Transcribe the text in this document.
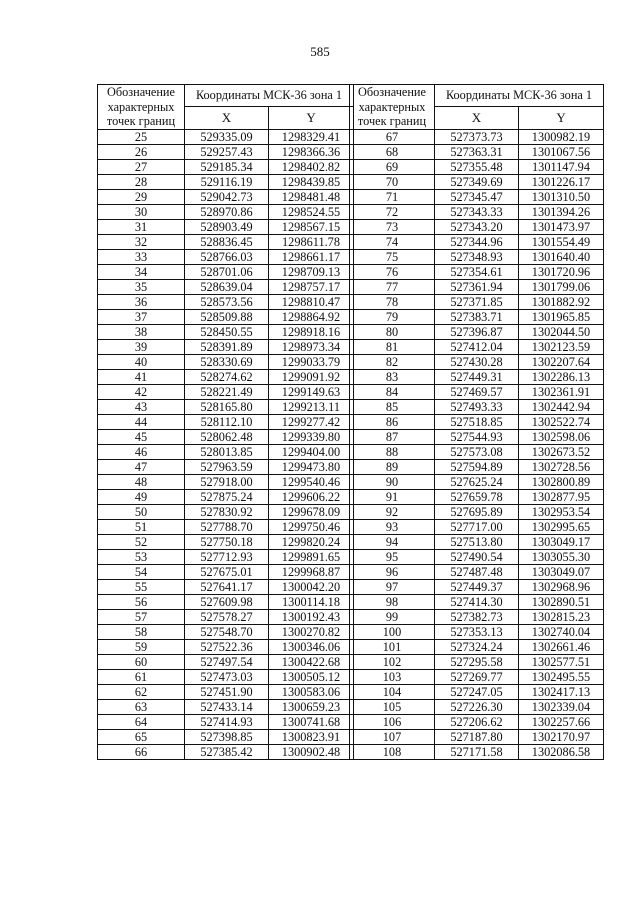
585
Обозначение характерных точек границ	Координаты МСК-36 зона 1	
	X	Y
25	529335.09	1298329.41
26	529257.43	1298366.36
27	529185.34	1298402.82
28	529116.19	1298439.85
29	529042.73	1298481.48
30	528970.86	1298524.55
31	528903.49	1298567.15
32	528836.45	1298611.78
33	528766.03	1298661.17
34	528701.06	1298709.13
35	528639.04	1298757.17
36	528573.56	1298810.47
37	528509.88	1298864.92
38	528450.55	1298918.16
39	528391.89	1298973.34
40	528330.69	1299033.79
41	528274.62	1299091.92
42	528221.49	1299149.63
43	528165.80	1299213.11
44	528112.10	1299277.42
45	528062.48	1299339.80
46	528013.85	1299404.00
47	527963.59	1299473.80
48	527918.00	1299540.46
49	527875.24	1299606.22
50	527830.92	1299678.09
51	527788.70	1299750.46
52	527750.18	1299820.24
53	527712.93	1299891.65
54	527675.01	1299968.87
55	527641.17	1300042.20
56	527609.98	1300114.18
57	527578.27	1300192.43
58	527548.70	1300270.82
59	527522.36	1300346.06
60	527497.54	1300422.68
61	527473.03	1300505.12
62	527451.90	1300583.06
63	527433.14	1300659.23
64	527414.93	1300741.68
65	527398.85	1300823.91
66	527385.42	1300902.48
Обозначение характерных точек границ	Координаты МСК-36 зона 1	
	X	Y
67	527373.73	1300982.19
68	527363.31	1301067.56
69	527355.48	1301147.94
70	527349.69	1301226.17
71	527345.47	1301310.50
72	527343.33	1301394.26
73	527343.20	1301473.97
74	527344.96	1301554.49
75	527348.93	1301640.40
76	527354.61	1301720.96
77	527361.94	1301799.06
78	527371.85	1301882.92
79	527383.71	1301965.85
80	527396.87	1302044.50
81	527412.04	1302123.59
82	527430.28	1302207.64
83	527449.31	1302286.13
84	527469.57	1302361.91
85	527493.33	1302442.94
86	527518.85	1302522.74
87	527544.93	1302598.06
88	527573.08	1302673.52
89	527594.89	1302728.56
90	527625.24	1302800.89
91	527659.78	1302877.95
92	527695.89	1302953.54
93	527717.00	1302995.65
94	527513.80	1303049.17
95	527490.54	1303055.30
96	527487.48	1303049.07
97	527449.37	1302968.96
98	527414.30	1302890.51
99	527382.73	1302815.23
100	527353.13	1302740.04
101	527324.24	1302661.46
102	527295.58	1302577.51
103	527269.77	1302495.55
104	527247.05	1302417.13
105	527226.30	1302339.04
106	527206.62	1302257.66
107	527187.80	1302170.97
108	527171.58	1302086.58
